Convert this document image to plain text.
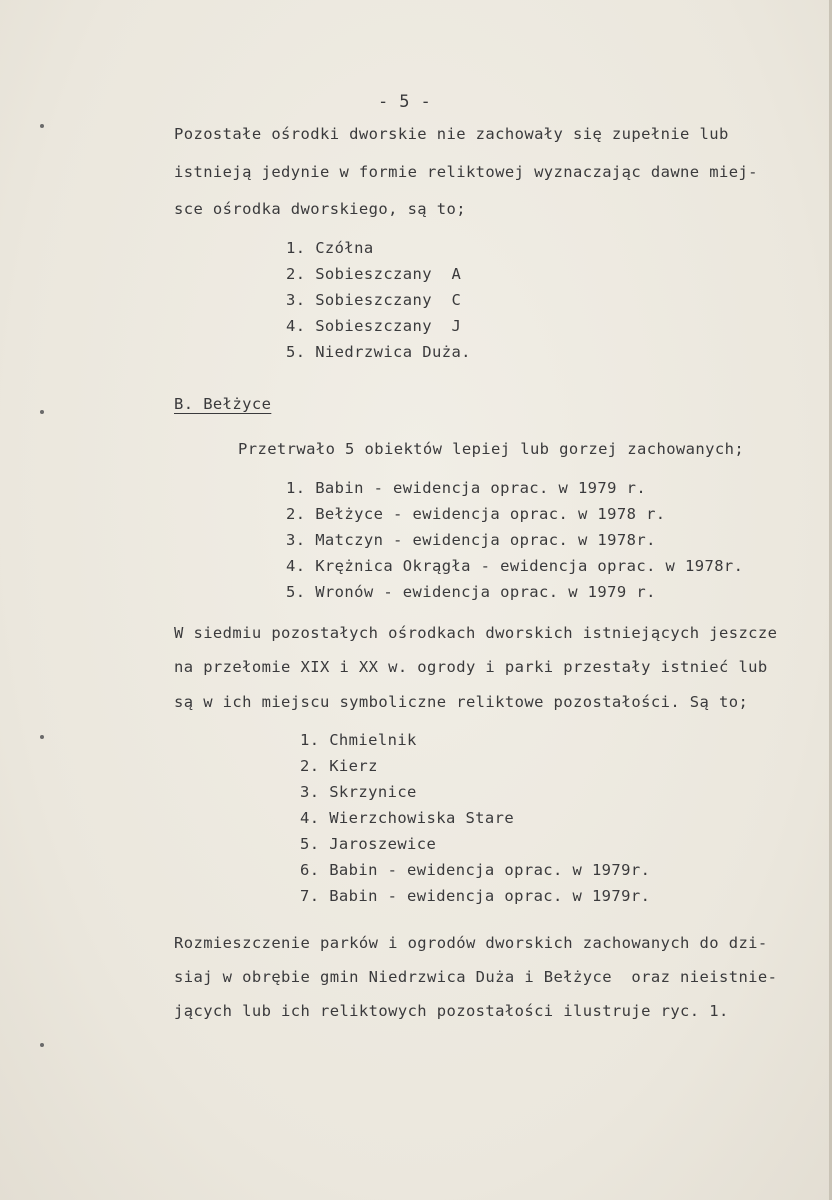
- 5 -
Pozostałe ośrodki dworskie nie zachowały się zupełnie lub
istnieją jedynie w formie reliktowej wyznaczając dawne miej-
sce ośrodka dworskiego, są to;
1. Czółna
2. Sobieszczany  A
3. Sobieszczany  C
4. Sobieszczany  J
5. Niedrzwica Duża.
B. Bełżyce
Przetrwało 5 obiektów lepiej lub gorzej zachowanych;
1. Babin - ewidencja oprac. w 1979 r.
2. Bełżyce - ewidencja oprac. w 1978 r.
3. Matczyn - ewidencja oprac. w 1978r.
4. Krężnica Okrągła - ewidencja oprac. w 1978r.
5. Wronów - ewidencja oprac. w 1979 r.
W siedmiu pozostałych ośrodkach dworskich istniejących jeszcze
na przełomie XIX i XX w. ogrody i parki przestały istnieć lub
są w ich miejscu symboliczne reliktowe pozostałości. Są to;
1. Chmielnik
2. Kierz
3. Skrzynice
4. Wierzchowiska Stare
5. Jaroszewice
6. Babin - ewidencja oprac. w 1979r.
7. Babin - ewidencja oprac. w 1979r.
Rozmieszczenie parków i ogrodów dworskich zachowanych do dzi-
siaj w obrębie gmin Niedrzwica Duża i Bełżyce  oraz nieistnie-
jących lub ich reliktowych pozostałości ilustruje ryc. 1.
